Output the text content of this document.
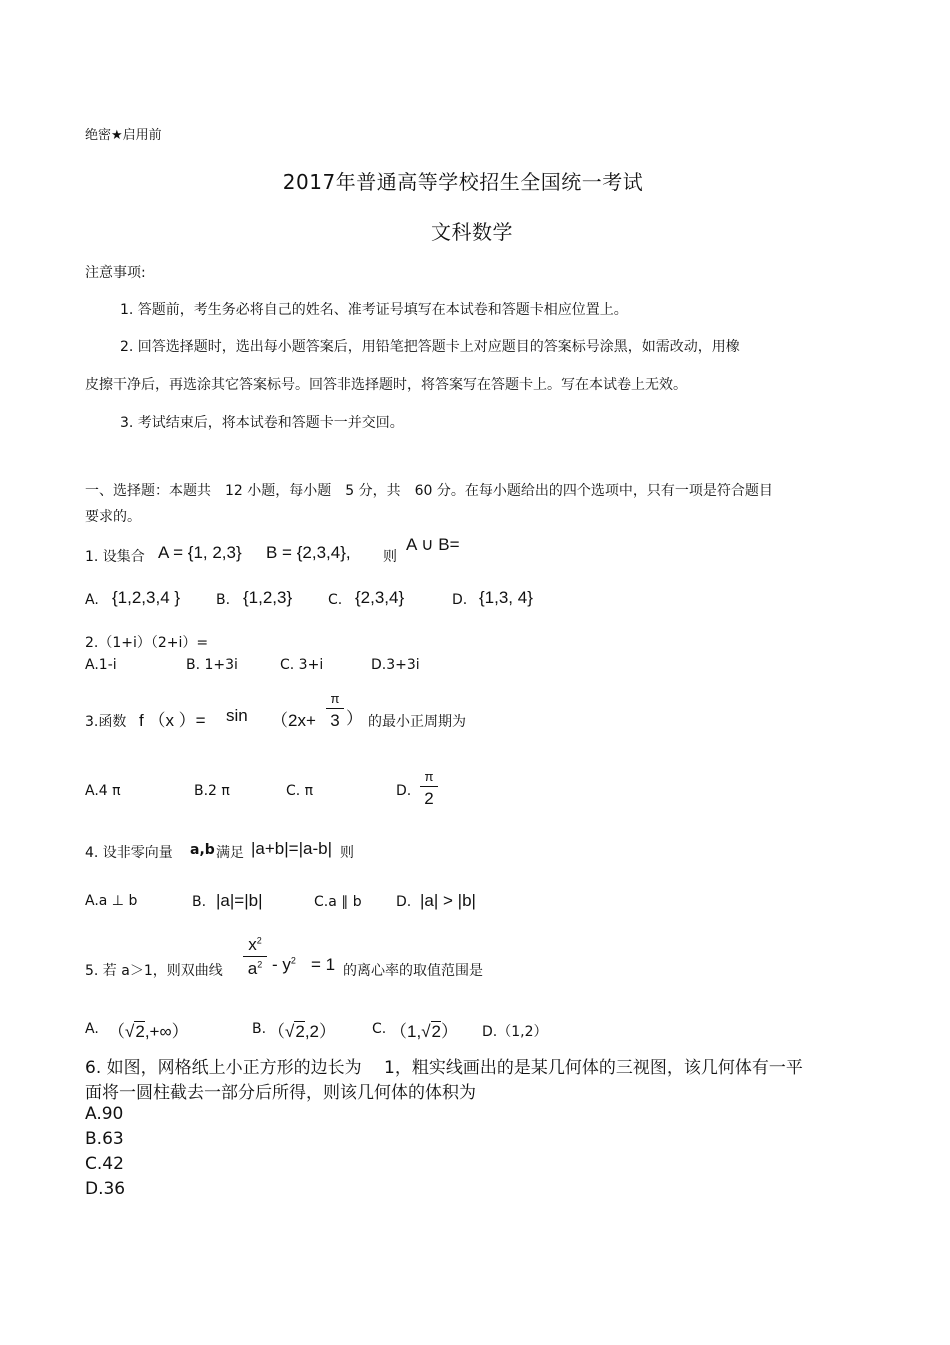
绝密★启用前
2017年普通高等学校招生全国统一考试
文科数学
注意事项:
1. 答题前，考生务必将自己的姓名、准考证号填写在本试卷和答题卡相应位置上。
2. 回答选择题时，选出每小题答案后，用铅笔把答题卡上对应题目的答案标号涂黑，如需改动，用橡
皮擦干净后，再选涂其它答案标号。回答非选择题时，将答案写在答题卡上。写在本试卷上无效。
3. 考试结束后，将本试卷和答题卡一并交回。
一、选择题：本题共　12 小题，每小题　5 分，共　60 分。在每小题给出的四个选项中，只有一项是符合题目
要求的。
1. 设集合 A = {1, 2,3} B = {2,3,4}, 则
A ∪ B=
A. {1,2,3,4 }	B. {1,2,3}	C. {2,3,4}	D. {1,3, 4}
2.（1+i）（2+i）=
A.1-i	B. 1+3i	C. 3+i	D.3+3i
3.函数 f （x ）= sin （2x+
π
3 ） 的最小正周期为
A.4 π	B.2 π	C. π	D.
π
2
4. 设非零向量 a,b 满足 |a+b|=|a-b| 则
A.a ⊥ b	B. |a|=|b|	C.a ∥ b D. |a| > |b|
5. 若 a＞1，则双曲线
$x^2$
$a^2 - y^2 = 1$ 的离心率的取值范围是
A. （√2,+∞）	B. （√2,2）	C. （1,√2） D.（1,2）
6. 如图，网格纸上小正方形的边长为　 1，粗实线画出的是某几何体的三视图，该几何体有一平
面将一圆柱截去一部分后所得，则该几何体的体积为
A.90
B.63
C.42
D.36
